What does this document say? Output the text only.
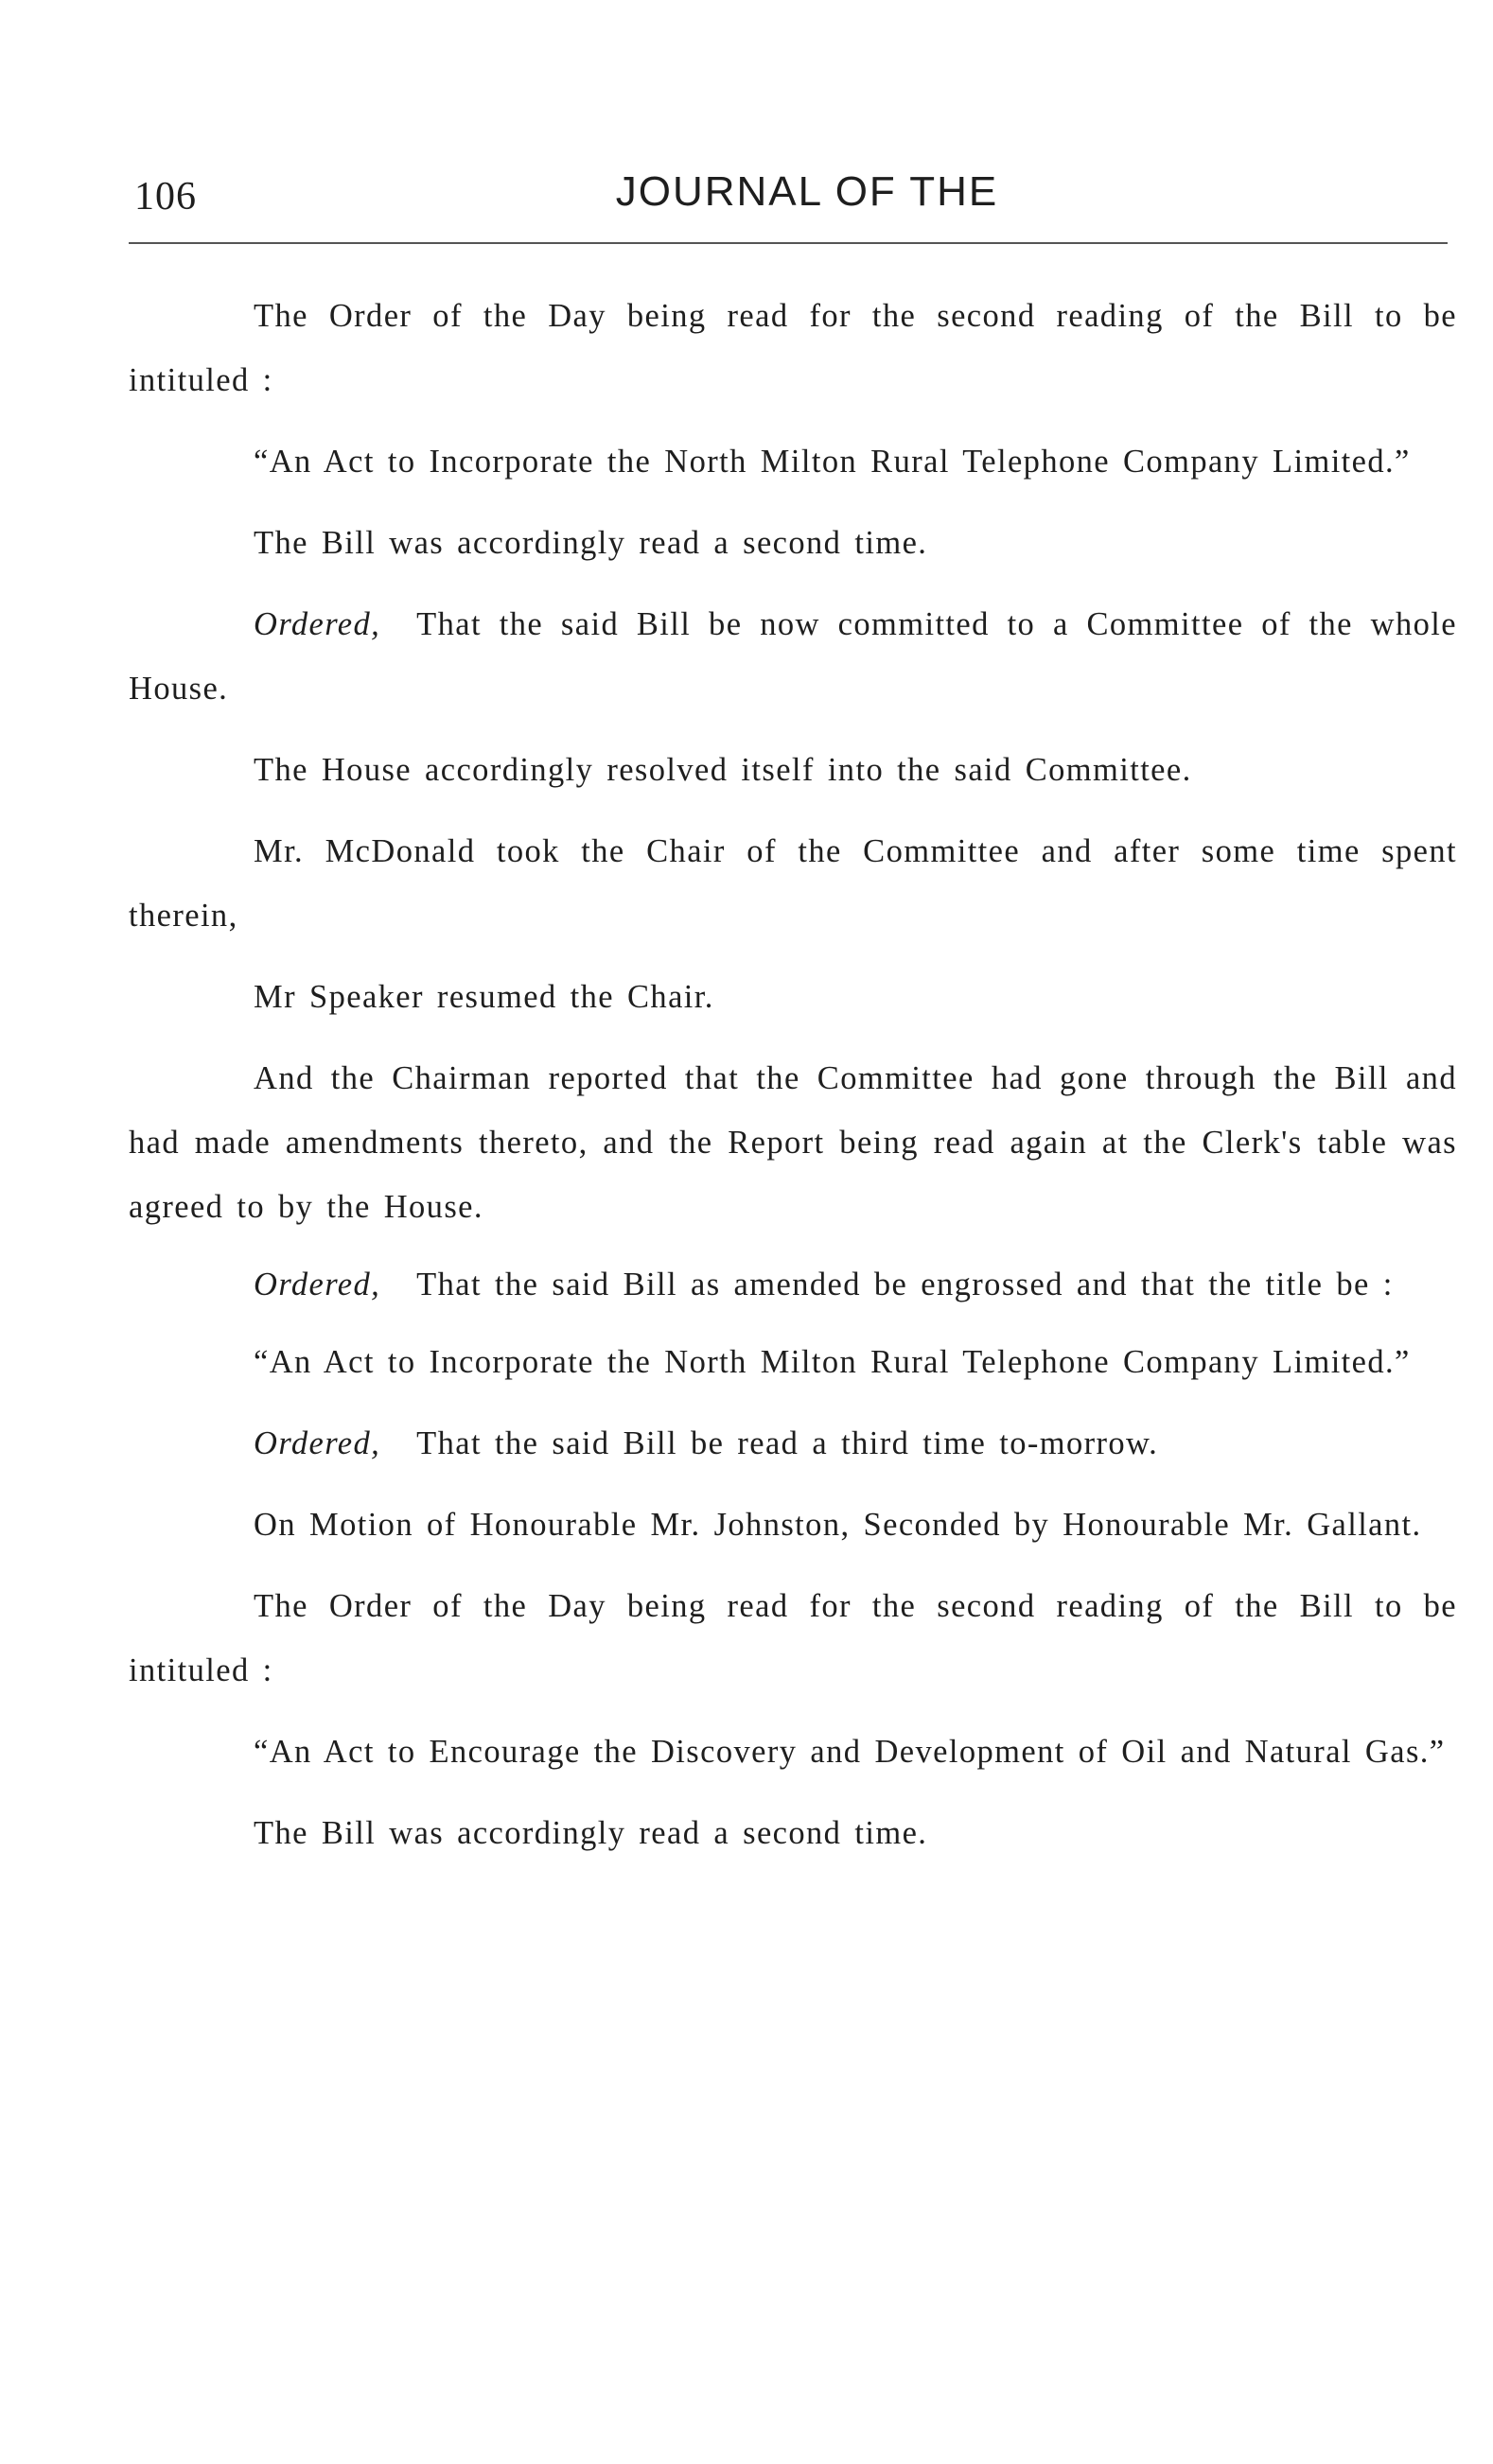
106	JOURNAL OF THE

The Order of the Day being read for the second reading of the Bill to be intituled :

“An Act to Incorporate the North Milton Rural Telephone Company Limited.”

The Bill was accordingly read a second time.

Ordered, That the said Bill be now committed to a Committee of the whole House.

The House accordingly resolved itself into the said Committee.

Mr. McDonald took the Chair of the Committee and after some time spent therein,

Mr Speaker resumed the Chair.

And the Chairman reported that the Committee had gone through the Bill and had made amendments thereto, and the Report being read again at the Clerk's table was agreed to by the House.

Ordered, That the said Bill as amended be engrossed and that the title be :

“An Act to Incorporate the North Milton Rural Telephone Company Limited.”

Ordered, That the said Bill be read a third time to-morrow.

On Motion of Honourable Mr. Johnston, Seconded by Honourable Mr. Gallant.

The Order of the Day being read for the second reading of the Bill to be intituled :

“An Act to Encourage the Discovery and Development of Oil and Natural Gas.”

The Bill was accordingly read a second time.
